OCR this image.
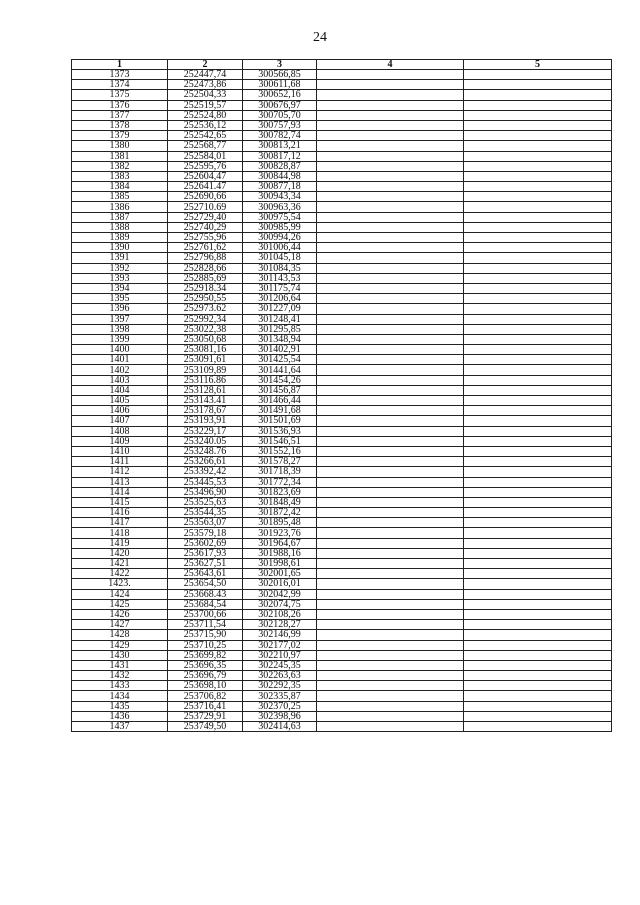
24
1	2	3	4	5
1373	252447,74	300566,85		
1374	252473,86	300611,68		
1375	252504,33	300652,16		
1376	252519,57	300676,97		
1377	252524,80	300705,70		
1378	252536,12	300757,93		
1379	252542,65	300782,74		
1380	252568,77	300813,21		
1381	252584,01	300817,12		
1382	252595,76	300828,87		
1383	252604,47	300844,98		
1384	252641.47	300877,18		
1385	252690,66	300943,34		
1386	252710.69	300963,36		
1387	252729,40	300975,54		
1388	252740,29	300985,99		
1389	252755,96	300994,26		
1390	252761,62	301006,44		
1391	252796,88	301045,18		
1392	252828,66	301084,35		
1393	252885,69	301143,53		
1394	252918.34	301175,74		
1395	252950,55	301206,64		
1396	252973.62	301227,09		
1397	252992,34	301248,41		
1398	253022,38	301295,85		
1399	253050,68	301348,94		
1400	253081,16	301402,91		
1401	253091,61	301425,54		
1402	253109,89	301441,64		
1403	253116.86	301454,26		
1404	253128,61	301456,87		
1405	253143.41	301466,44		
1406	253178,67	301491,68		
1407	253193,91	301501,69		
1408	253229,17	301536,93		
1409	253240.05	301546,51		
1410	253248.76	301552,16		
1411	253266,61	301578,27		
1412	253392,42	301718,39		
1413	253445,53	301772,34		
1414	253496,90	301823,69		
1415	253525,63	301848,49		
1416	253544,35	301872,42		
1417	253563,07	301895,48		
1418	253579,18	301923,76		
1419	253602,69	301964,67		
1420	253617,93	301988,16		
1421	253627,51	301998,61		
1422	253643,61	302001,65		
1423.	253654,50	302016,01		
1424	253668.43	302042,99		
1425	253684,54	302074,75		
1426	253700,66	302108,26		
1427	253711,54	302128,27		
1428	253715,90	302146,99		
1429	253710,25	302177,02		
1430	253699,82	302210,97		
1431	253696,35	302245,35		
1432	253696,79	302263,63		
1433	253698,10	302292,35		
1434	253706,82	302335,87		
1435	253716,41	302370,25		
1436	253729,91	302398,96		
1437	253749,50	302414,63		
